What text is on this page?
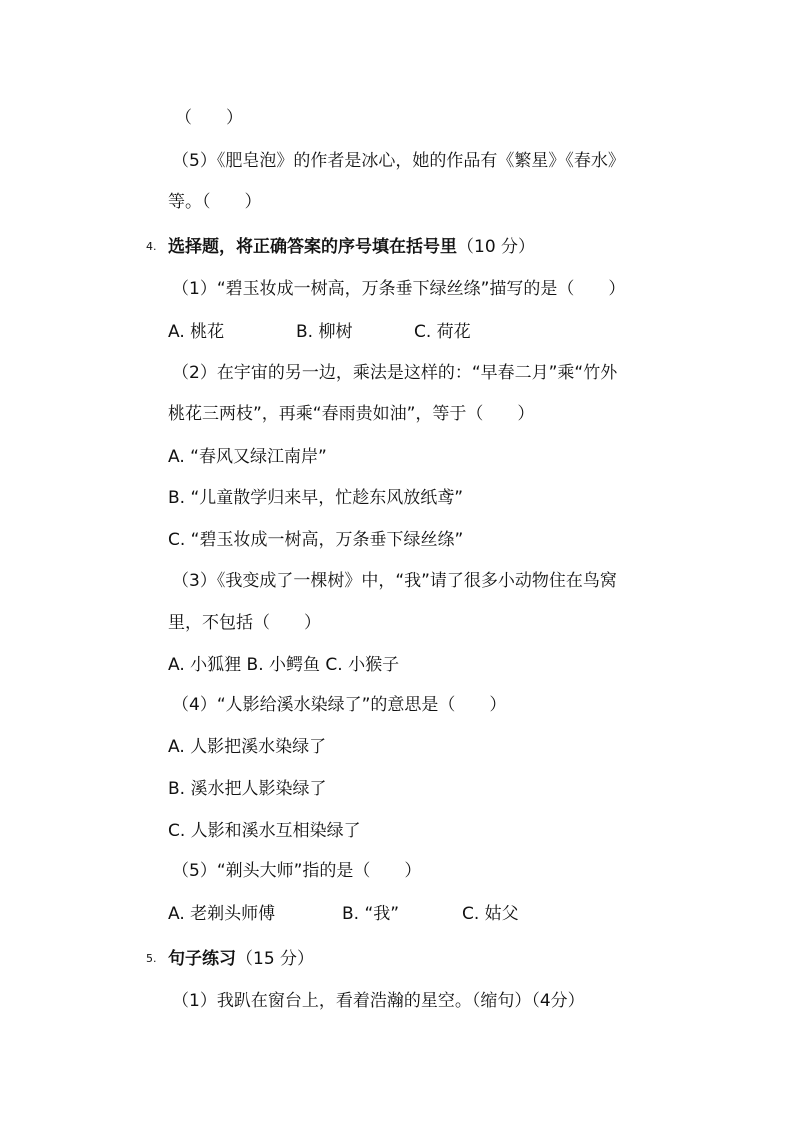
（　　）
（5）《肥皂泡》的作者是冰心，她的作品有《繁星》《春水》
等。（　　）
4. 选择题，将正确答案的序号填在括号里（10 分）
（1）“碧玉妆成一树高，万条垂下绿丝绦”描写的是（　　）
A. 桃花	B. 柳树	C. 荷花
（2）在宇宙的另一边，乘法是这样的：“早春二月”乘“竹外
桃花三两枝”，再乘“春雨贵如油”，等于（　　）
A. “春风又绿江南岸”
B. “儿童散学归来早，忙趁东风放纸鸢”
C. “碧玉妆成一树高，万条垂下绿丝绦”
（3）《我变成了一棵树》中，“我”请了很多小动物住在鸟窝
里，不包括（　　）
A. 小狐狸 B. 小鳄鱼 C. 小猴子
（4）“人影给溪水染绿了”的意思是（　　）
A. 人影把溪水染绿了
B. 溪水把人影染绿了
C. 人影和溪水互相染绿了
（5）“剃头大师”指的是（　　）
A. 老剃头师傅	B. “我”	C. 姑父
5. 句子练习（15 分）
（1）我趴在窗台上，看着浩瀚的星空。（缩句）（4分）
